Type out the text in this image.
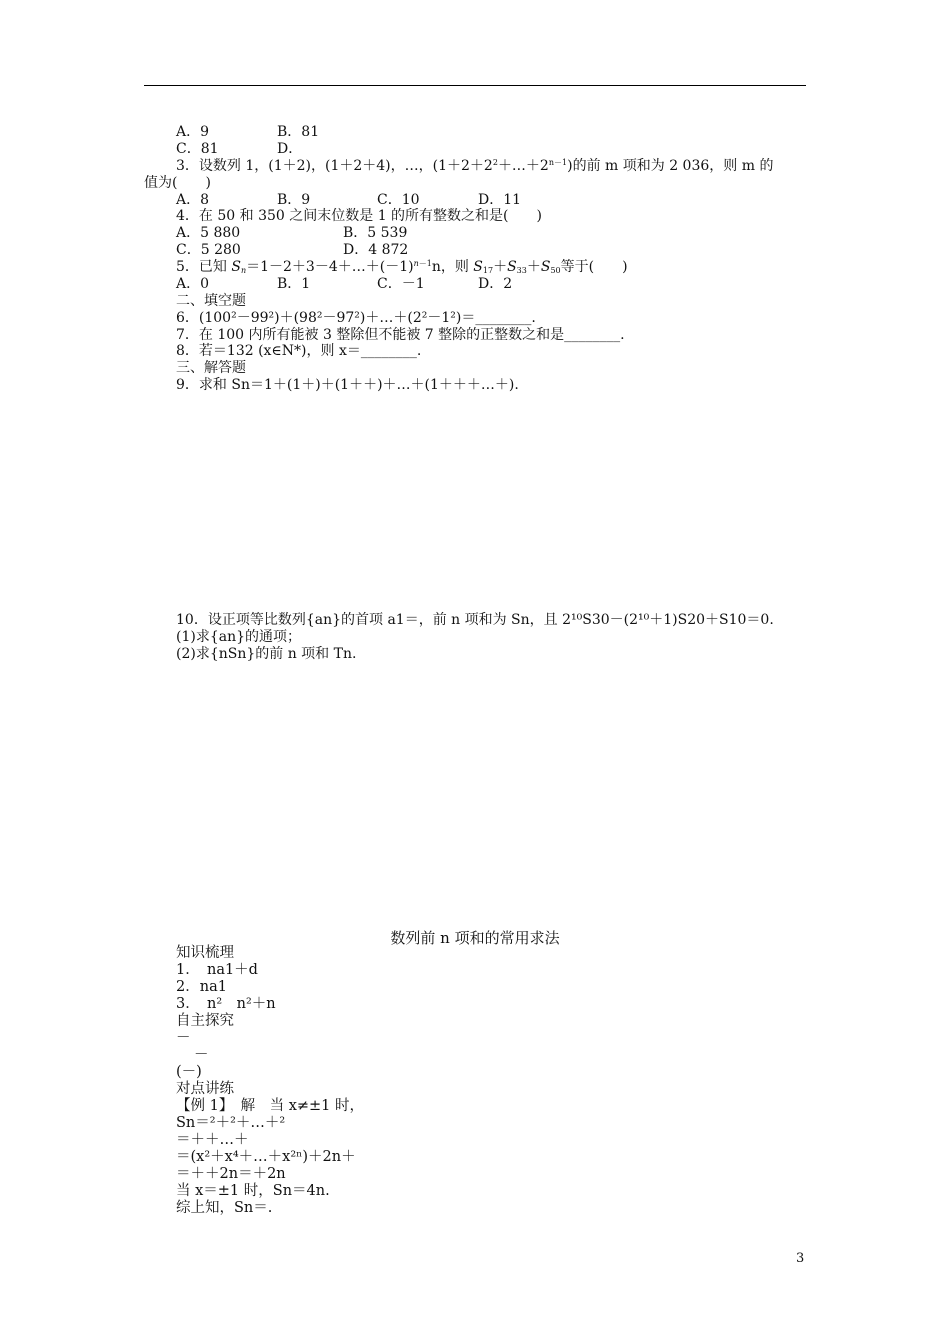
A．9	B．81
C．81	D．
3．设数列 1，(1＋2)，(1＋2＋4)，…，$(1+2+2^2+\dots+2^{n-1})$的前 m 项和为 2 036，则 m 的
值为(　　)
A．8	B．9	C．10	D．11
4．在 50 和 350 之间末位数是 1 的所有整数之和是(　　)
A．5 880	B．5 539
C．5 280	D．4 872
5．已知 $S_n=1-2+3-4+\dots+(-1)^{n-1}n$，则 $S_{17}+S_{33}+S_{50}$等于(　　)
A．0	B．1	C．－1	D．2
二、填空题
6．(100²－99²)＋(98²－97²)＋…＋(2²－1²)＝________.
7．在 100 内所有能被 3 整除但不能被 7 整除的正整数之和是________.
8．若＝132 (x∈N*)，则 x＝________.
三、解答题
9．求和 Sn＝1＋(1＋)＋(1＋＋)＋…＋(1＋＋＋…＋).
10．设正项等比数列{an}的首项 a1＝，前 n 项和为 Sn，且 2¹⁰S30－(2¹⁰＋1)S20＋S10＝0.
(1)求{an}的通项；
(2)求{nSn}的前 n 项和 Tn.
数列前 n 项和的常用求法
知识梳理
1．　na1＋d
2．na1
3．　n²　n²＋n
自主探究
－
－
(－)
对点讲练
【例 1】　解　当 x≠±1 时，
Sn＝²＋²＋…＋²
＝＋＋…＋
＝(x²＋x⁴＋…＋x²ⁿ)＋2n＋
＝＋＋2n＝＋2n
当 x＝±1 时，Sn＝4n.
综上知，Sn＝.
3
